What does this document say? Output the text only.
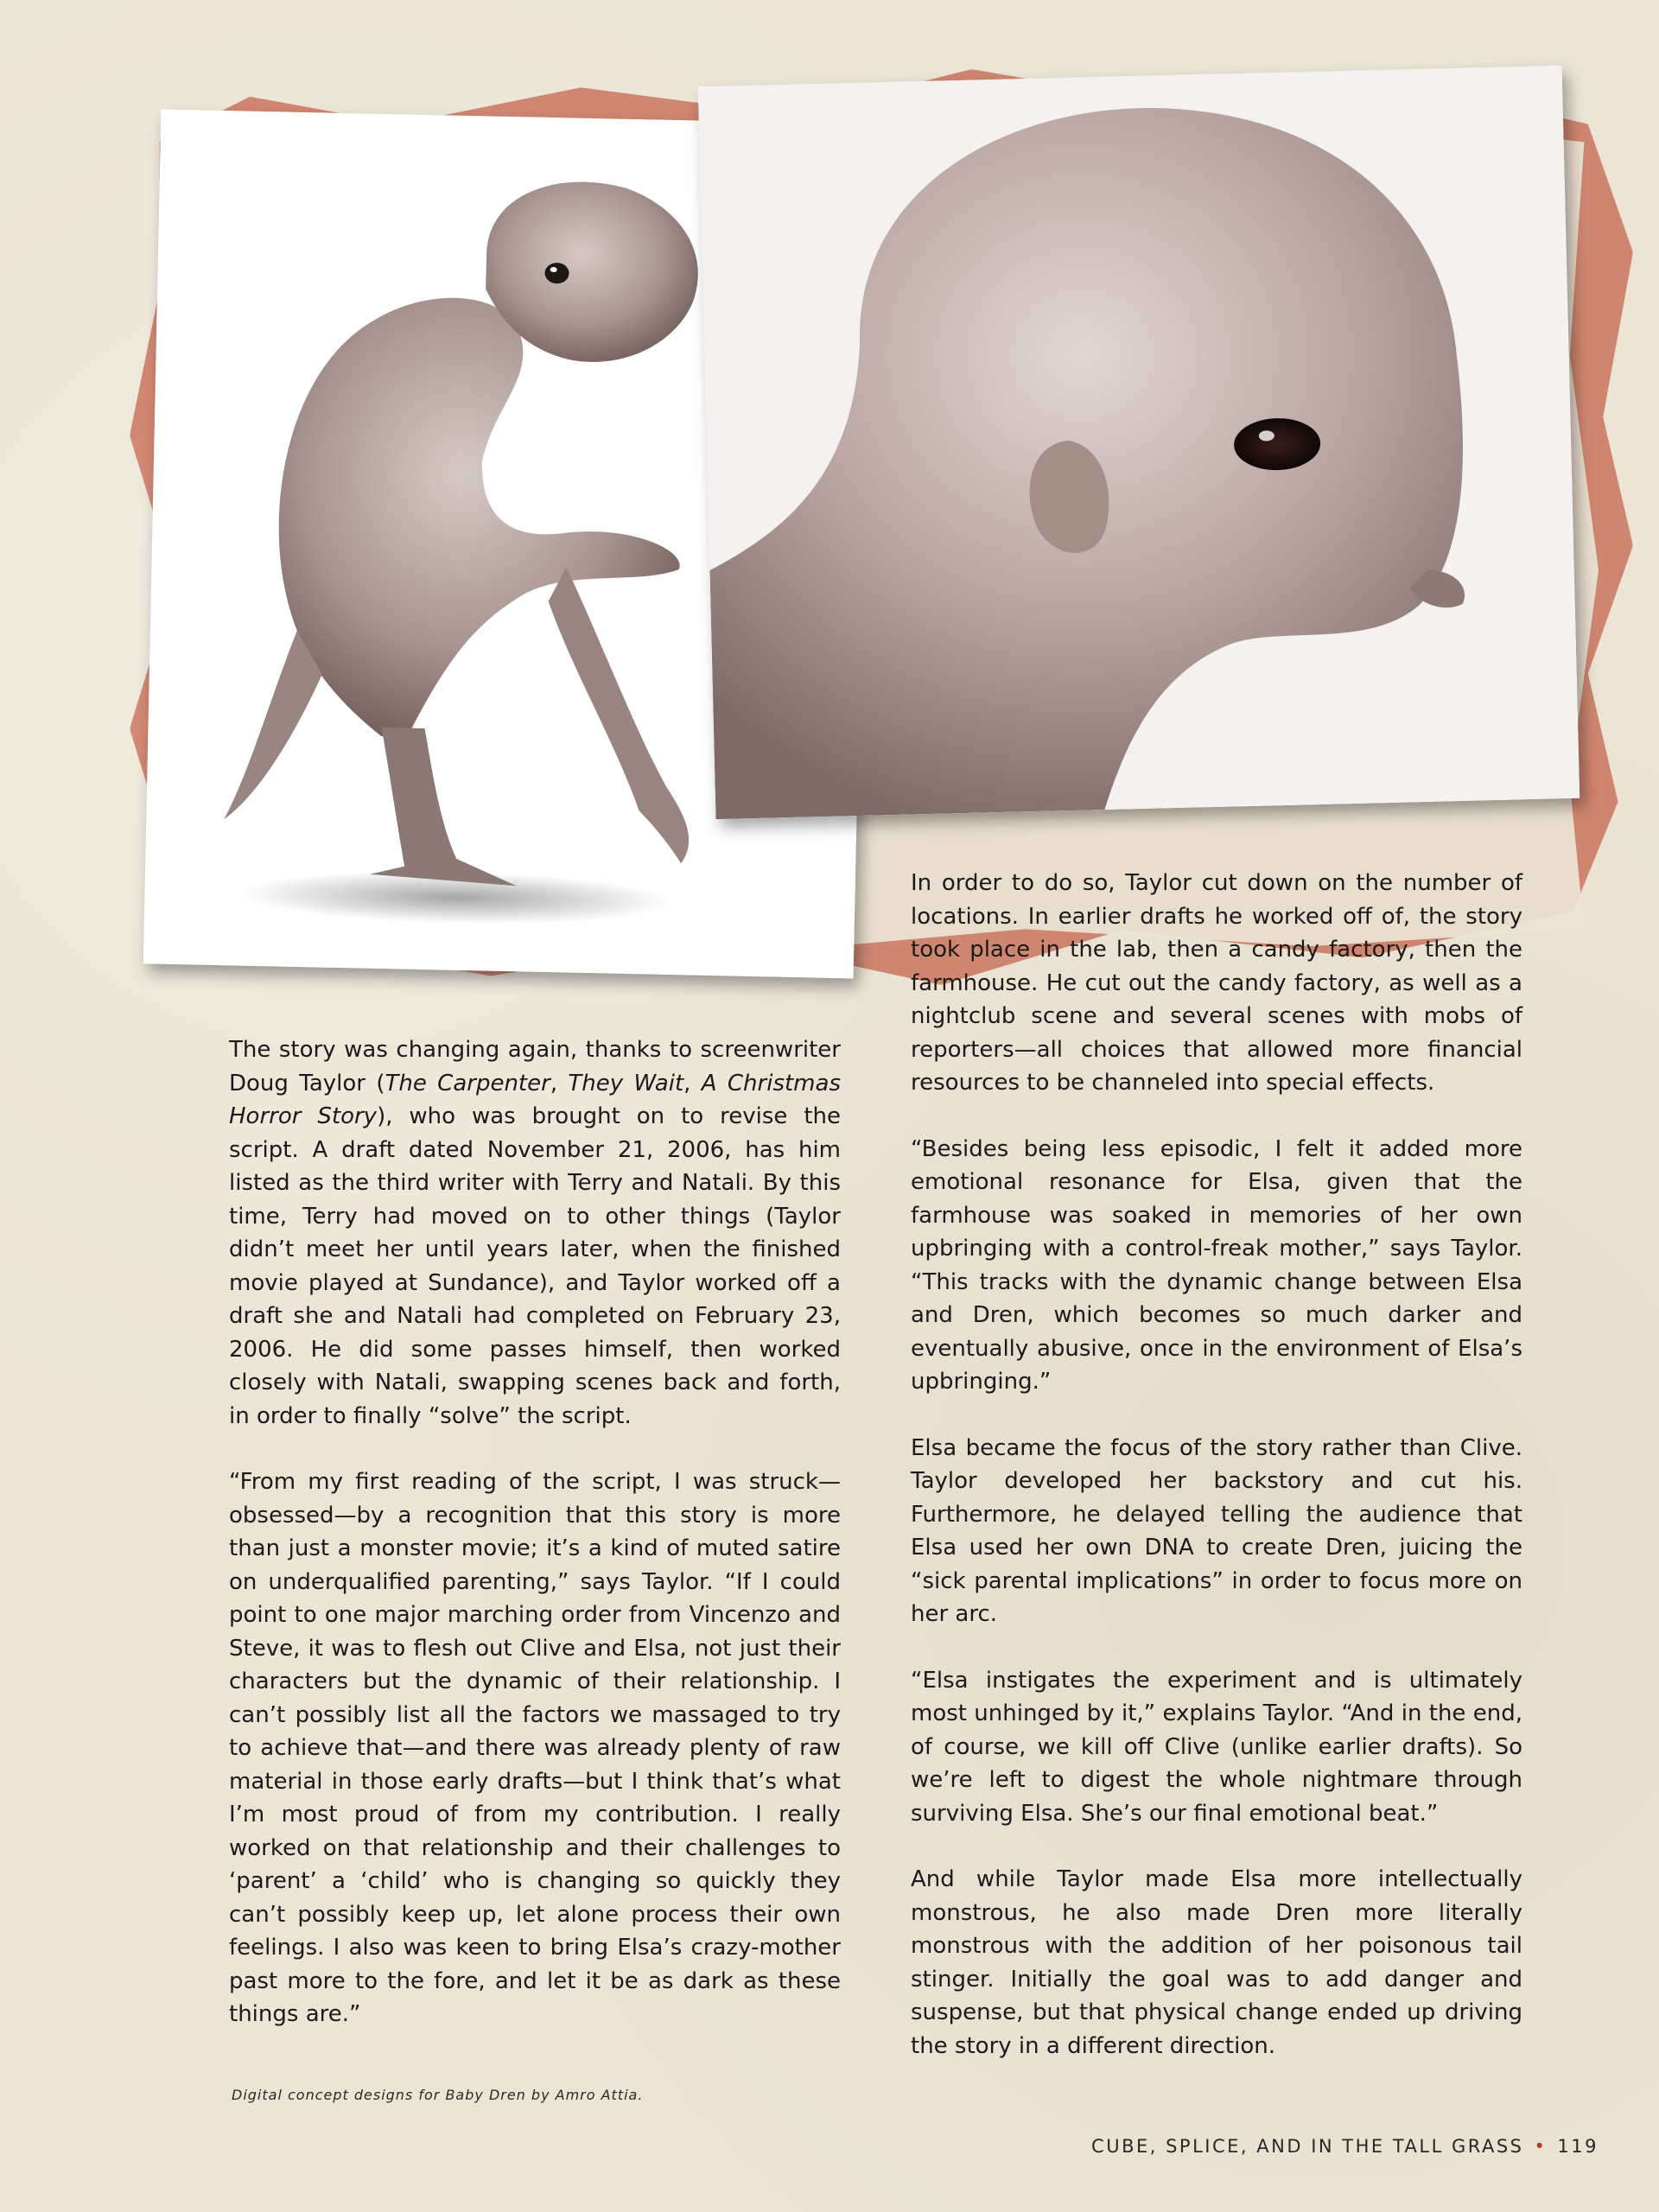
The story was changing again, thanks to screenwriter Doug Taylor (The Carpenter, They Wait, A Christmas Horror Story), who was brought on to revise the script. A draft dated November 21, 2006, has him listed as the third writer with Terry and Natali. By this time, Terry had moved on to other things (Taylor didn’t meet her until years later, when the finished movie played at Sundance), and Taylor worked off a draft she and Natali had completed on February 23, 2006. He did some passes himself, then worked closely with Natali, swapping scenes back and forth, in order to finally “solve” the script.

“From my first reading of the script, I was struck—obsessed—by a recognition that this story is more than just a monster movie; it’s a kind of muted satire on underqualified parenting,” says Taylor. “If I could point to one major marching order from Vincenzo and Steve, it was to flesh out Clive and Elsa, not just their characters but the dynamic of their relationship. I can’t possibly list all the factors we massaged to try to achieve that—and there was already plenty of raw material in those early drafts—but I think that’s what I’m most proud of from my contribution. I really worked on that relationship and their challenges to ‘parent’ a ‘child’ who is changing so quickly they can’t possibly keep up, let alone process their own feelings. I also was keen to bring Elsa’s crazy-mother past more to the fore, and let it be as dark as these things are.”

In order to do so, Taylor cut down on the number of locations. In earlier drafts he worked off of, the story took place in the lab, then a candy factory, then the farmhouse. He cut out the candy factory, as well as a nightclub scene and several scenes with mobs of reporters—all choices that allowed more financial resources to be channeled into special effects.

“Besides being less episodic, I felt it added more emotional resonance for Elsa, given that the farmhouse was soaked in memories of her own upbringing with a control-freak mother,” says Taylor. “This tracks with the dynamic change between Elsa and Dren, which becomes so much darker and eventually abusive, once in the environment of Elsa’s upbringing.”

Elsa became the focus of the story rather than Clive. Taylor developed her backstory and cut his. Furthermore, he delayed telling the audience that Elsa used her own DNA to create Dren, juicing the “sick parental implications” in order to focus more on her arc.

“Elsa instigates the experiment and is ultimately most unhinged by it,” explains Taylor. “And in the end, of course, we kill off Clive (unlike earlier drafts). So we’re left to digest the whole nightmare through surviving Elsa. She’s our final emotional beat.”

And while Taylor made Elsa more intellectually monstrous, he also made Dren more literally monstrous with the addition of her poisonous tail stinger. Initially the goal was to add danger and suspense, but that physical change ended up driving the story in a different direction.

Digital concept designs for Baby Dren by Amro Attia.
CUBE, SPLICE, AND IN THE TALL GRASS • 119
